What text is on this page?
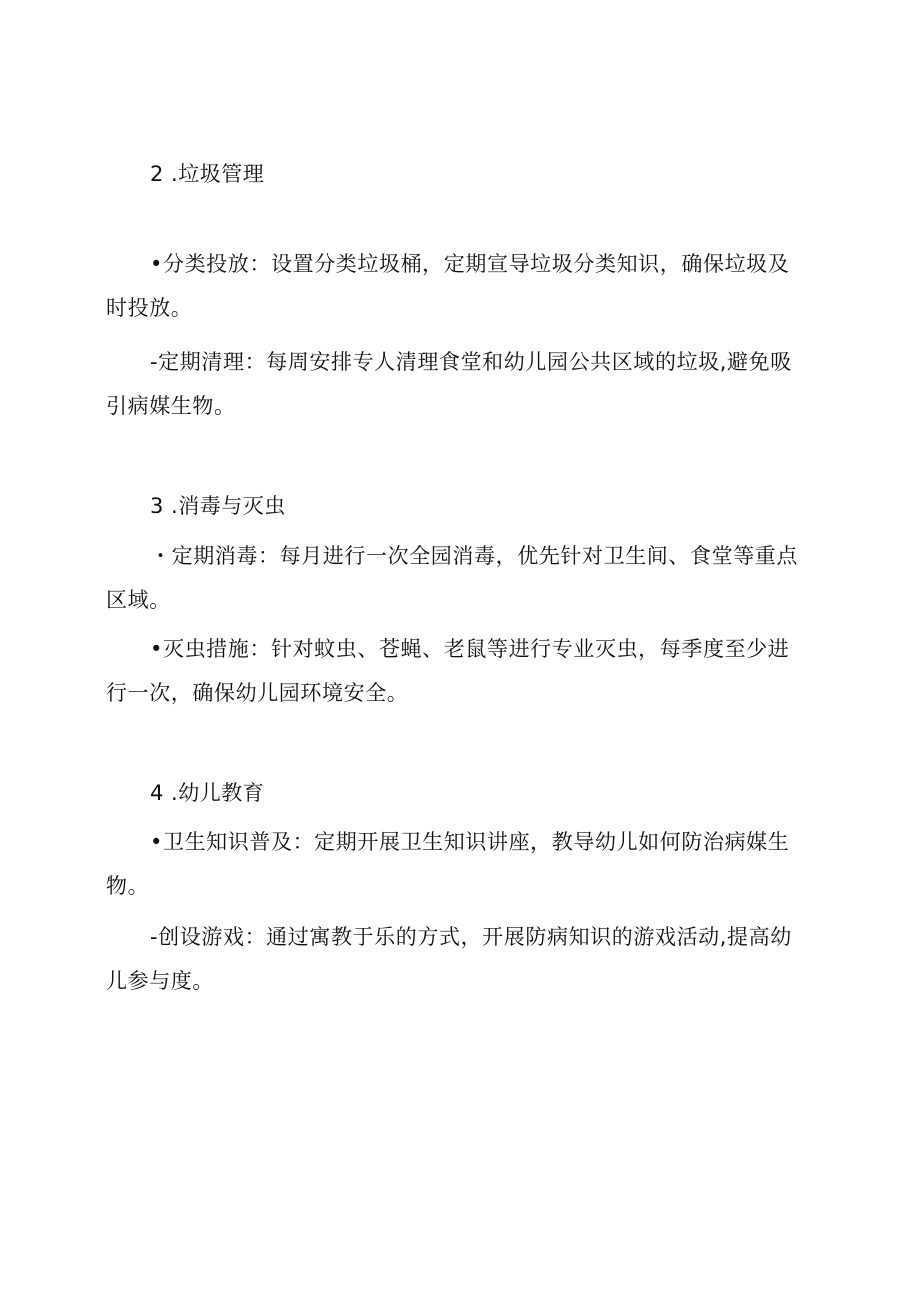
2 .垃圾管理
•分类投放：设置分类垃圾桶，定期宣导垃圾分类知识，确保垃圾及时投放。
-定期清理：每周安排专人清理食堂和幼儿园公共区域的垃圾,避免吸引病媒生物。
3 .消毒与灭虫
・定期消毒：每月进行一次全园消毒，优先针对卫生间、食堂等重点区域。
•灭虫措施：针对蚊虫、苍蝇、老鼠等进行专业灭虫，每季度至少进行一次，确保幼儿园环境安全。
4 .幼儿教育
•卫生知识普及：定期开展卫生知识讲座，教导幼儿如何防治病媒生物。
-创设游戏：通过寓教于乐的方式，开展防病知识的游戏活动,提高幼儿参与度。
